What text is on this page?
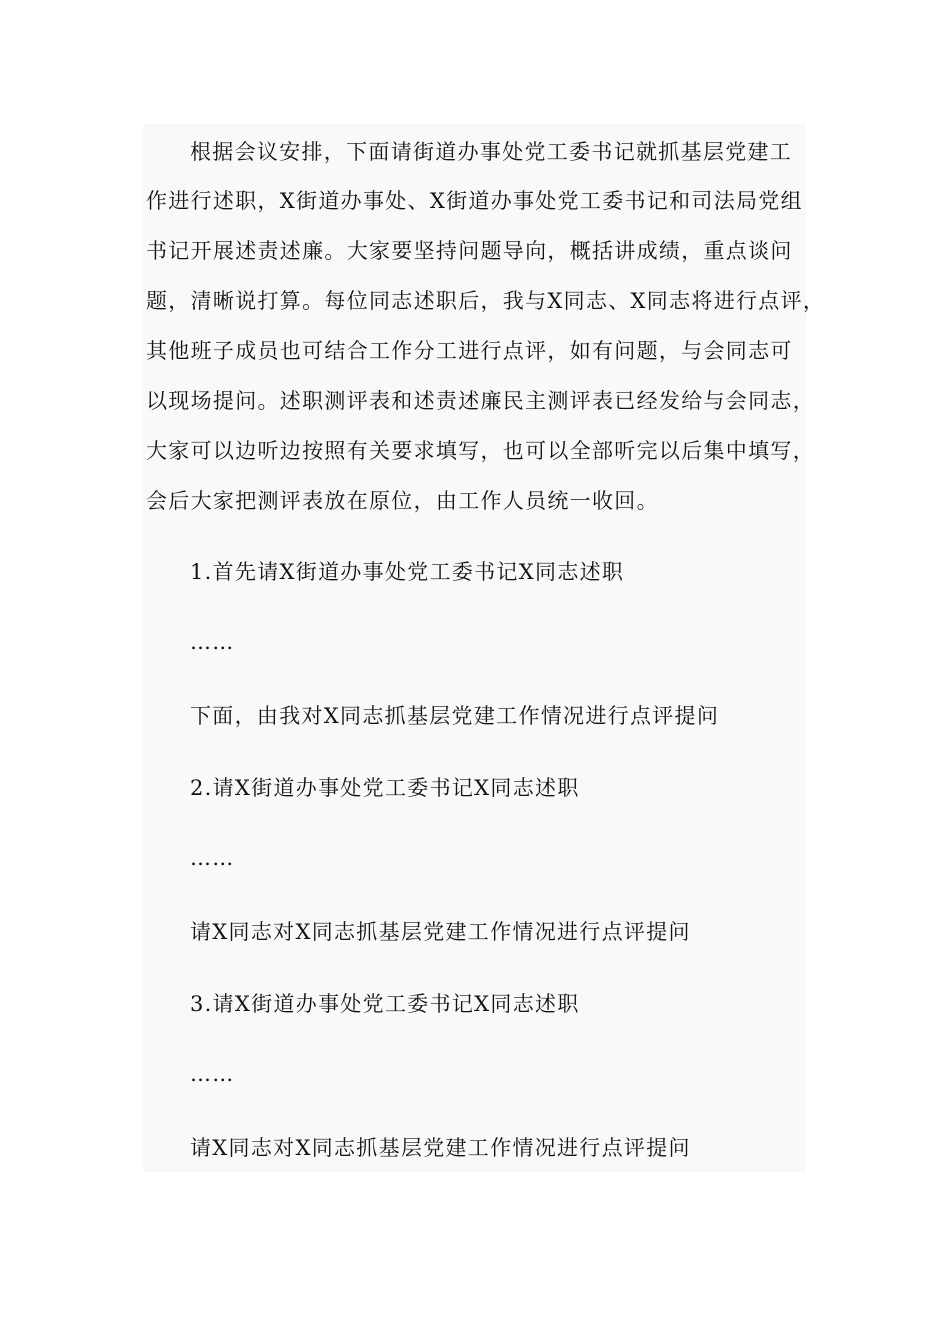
根据会议安排，下面请街道办事处党工委书记就抓基层党建工

作进行述职，X街道办事处、X街道办事处党工委书记和司法局党组

书记开展述责述廉。大家要坚持问题导向，概括讲成绩，重点谈问

题，清晰说打算。每位同志述职后，我与X同志、X同志将进行点评，

其他班子成员也可结合工作分工进行点评，如有问题，与会同志可

以现场提问。述职测评表和述责述廉民主测评表已经发给与会同志，

大家可以边听边按照有关要求填写，也可以全部听完以后集中填写，

会后大家把测评表放在原位，由工作人员统一收回。

1.首先请X街道办事处党工委书记X同志述职

……

下面，由我对X同志抓基层党建工作情况进行点评提问

2.请X街道办事处党工委书记X同志述职

……

请X同志对X同志抓基层党建工作情况进行点评提问

3.请X街道办事处党工委书记X同志述职

……

请X同志对X同志抓基层党建工作情况进行点评提问
